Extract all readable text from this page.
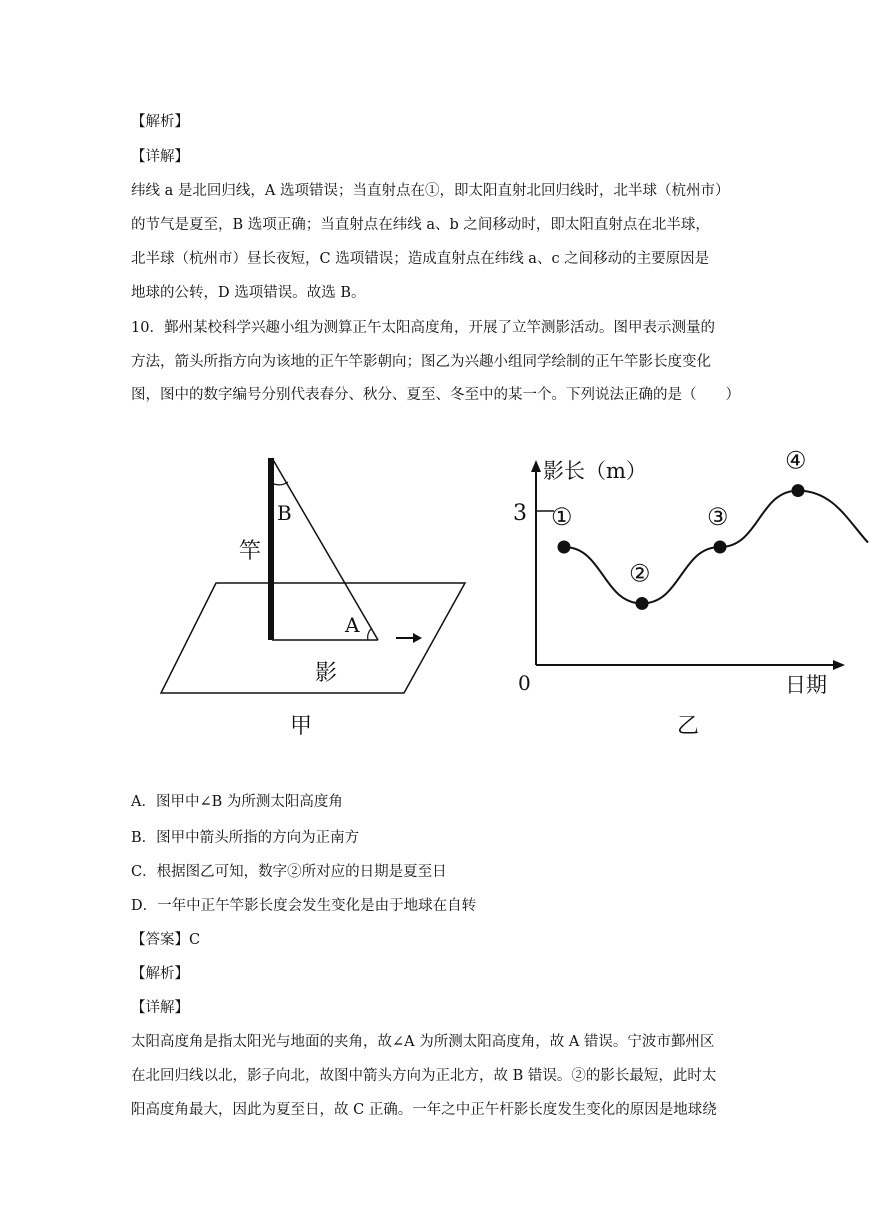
【解析】
【详解】
纬线 a 是北回归线，A 选项错误；当直射点在①，即太阳直射北回归线时，北半球（杭州市）
的节气是夏至，B 选项正确；当直射点在纬线 a、b 之间移动时，即太阳直射点在北半球，
北半球（杭州市）昼长夜短，C 选项错误；造成直射点在纬线 a、c 之间移动的主要原因是
地球的公转，D 选项错误。故选 B。
10．鄞州某校科学兴趣小组为测算正午太阳高度角，开展了立竿测影活动。图甲表示测量的
方法，箭头所指方向为该地的正午竿影朝向；图乙为兴趣小组同学绘制的正午竿影长度变化
图，图中的数字编号分别代表春分、秋分、夏至、冬至中的某一个。下列说法正确的是（　　）
B
竿
A
影
甲
3
影长（m）
0	日期
乙
①
②
③
④
A．图甲中∠B 为所测太阳高度角
B．图甲中箭头所指的方向为正南方
C．根据图乙可知，数字②所对应的日期是夏至日
D．一年中正午竿影长度会发生变化是由于地球在自转
【答案】C
【解析】
【详解】
太阳高度角是指太阳光与地面的夹角，故∠A 为所测太阳高度角，故 A 错误。宁波市鄞州区
在北回归线以北，影子向北，故图中箭头方向为正北方，故 B 错误。②的影长最短，此时太
阳高度角最大，因此为夏至日，故 C 正确。一年之中正午杆影长度发生变化的原因是地球绕
